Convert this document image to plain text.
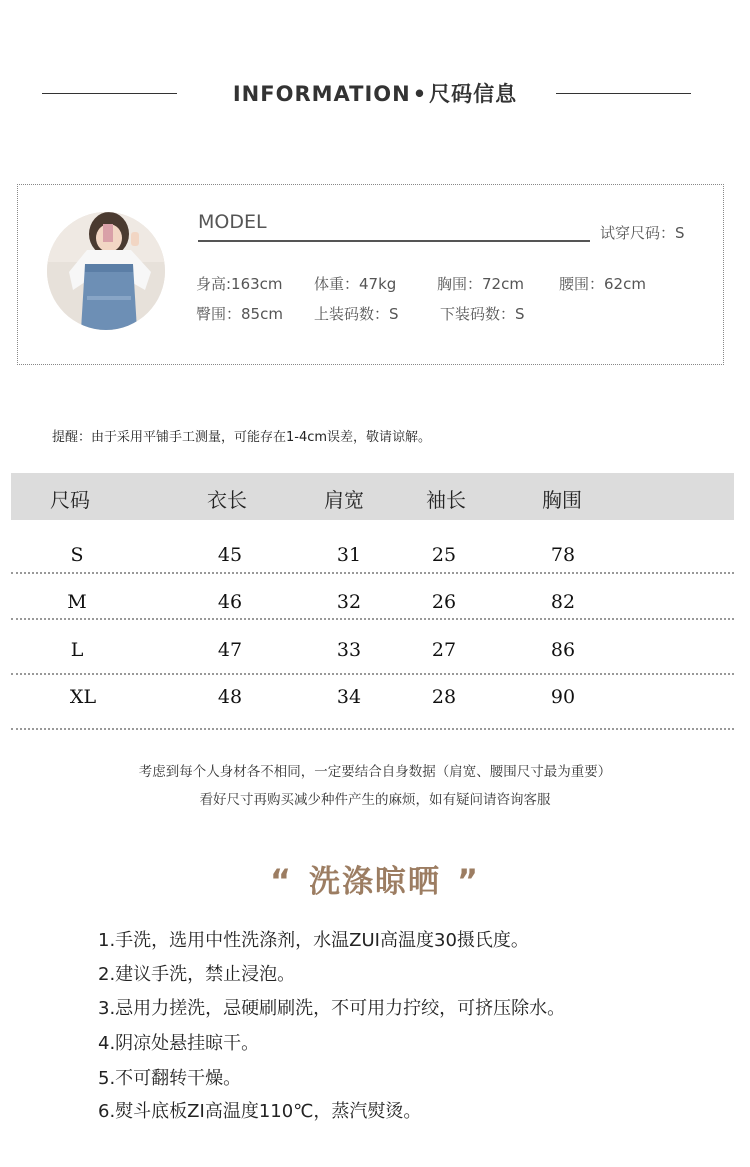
INFORMATION•尺码信息
MODEL	试穿尺码：S
身高:163cm 体重：47kg	胸围：72cm 腰围：62cm
臀围：85cm 上装码数：S	下装码数：S
提醒：由于采用平铺手工测量，可能存在1-4cm误差，敬请谅解。
尺码	衣长	肩宽	袖长	胸围
S	45	31	25	78
M	46	32	26	82
L	47	33	27	86
XL	48	34	28	90
考虑到每个人身材各不相同，一定要结合自身数据（肩宽、腰围尺寸最为重要）
看好尺寸再购买减少种件产生的麻烦，如有疑问请咨询客服
“ 洗涤晾晒 ”
1.手洗，选用中性洗涤剂，水温ZUI高温度30摄氏度。
2.建议手洗，禁止浸泡。
3.忌用力搓洗，忌硬刷刷洗，不可用力拧绞，可挤压除水。
4.阴凉处悬挂晾干。
5.不可翻转干燥。
6.熨斗底板ZI高温度110℃，蒸汽熨烫。
